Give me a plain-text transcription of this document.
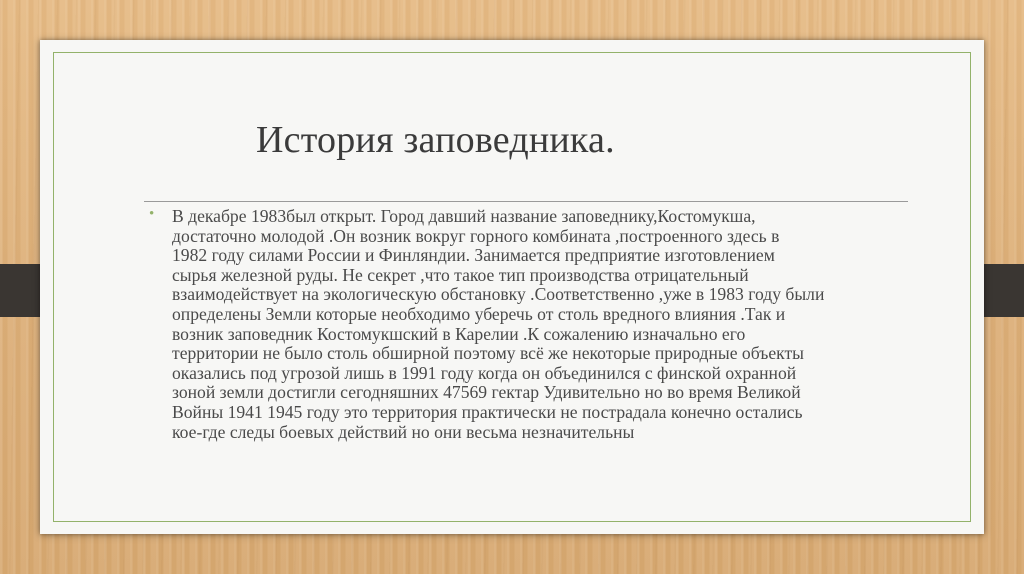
История заповедника.
• В декабре 1983был открыт. Город давший название заповеднику,Костомукша,
достаточно молодой .Он возник вокруг горного комбината ,построенного здесь в
1982 году силами России и Финляндии. Занимается предприятие изготовлением
сырья железной руды. Не секрет ,что такое тип производства отрицательный
взаимодействует на экологическую обстановку .Соответственно ,уже в 1983 году были
определены Земли которые необходимо уберечь от столь вредного влияния .Так и
возник заповедник Костомукшский в Карелии .К сожалению изначально его
территории не было столь обширной поэтому всё же некоторые природные объекты
оказались под угрозой лишь в 1991 году когда он объединился с финской охранной
зоной земли достигли сегодняшних 47569 гектар Удивительно но во время Великой
Войны 1941 1945 году это территория практически не пострадала конечно остались
кое-где следы боевых действий но они весьма незначительны
